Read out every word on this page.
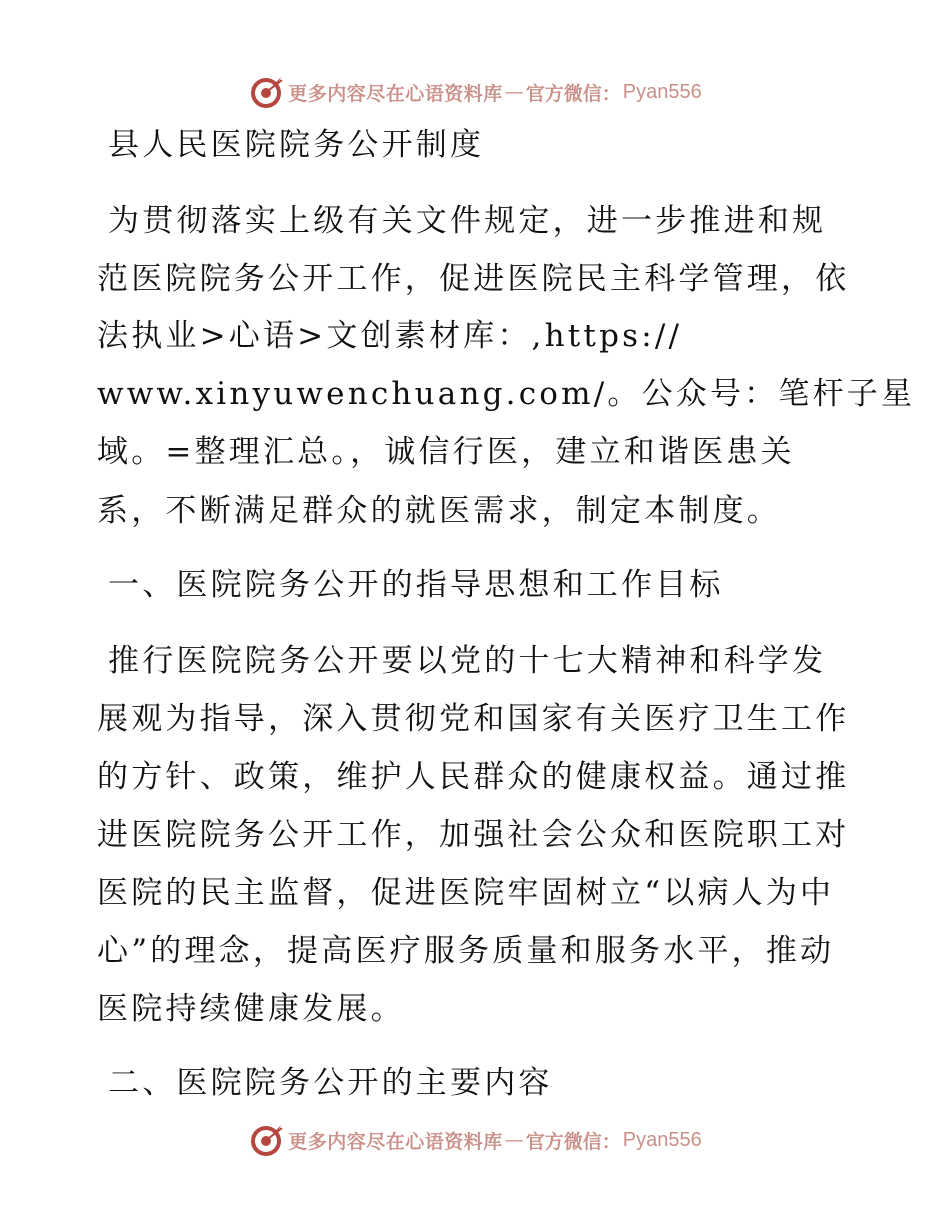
更多内容尽在心语资料库 — 官方微信： Pyan556
县人民医院院务公开制度
为贯彻落实上级有关文件规定，进一步推进和规
范医院院务公开工作，促进医院民主科学管理，依
法执业>心语>文创素材库：,https://
www.xinyuwenchuang.com/。公众号：笔杆子星
域。=整理汇总。，诚信行医，建立和谐医患关
系，不断满足群众的就医需求，制定本制度。
一、医院院务公开的指导思想和工作目标
推行医院院务公开要以党的十七大精神和科学发
展观为指导，深入贯彻党和国家有关医疗卫生工作
的方针、政策，维护人民群众的健康权益。通过推
进医院院务公开工作，加强社会公众和医院职工对
医院的民主监督，促进医院牢固树立“以病人为中
心”的理念，提高医疗服务质量和服务水平，推动
医院持续健康发展。
二、医院院务公开的主要内容
更多内容尽在心语资料库 — 官方微信： Pyan556
